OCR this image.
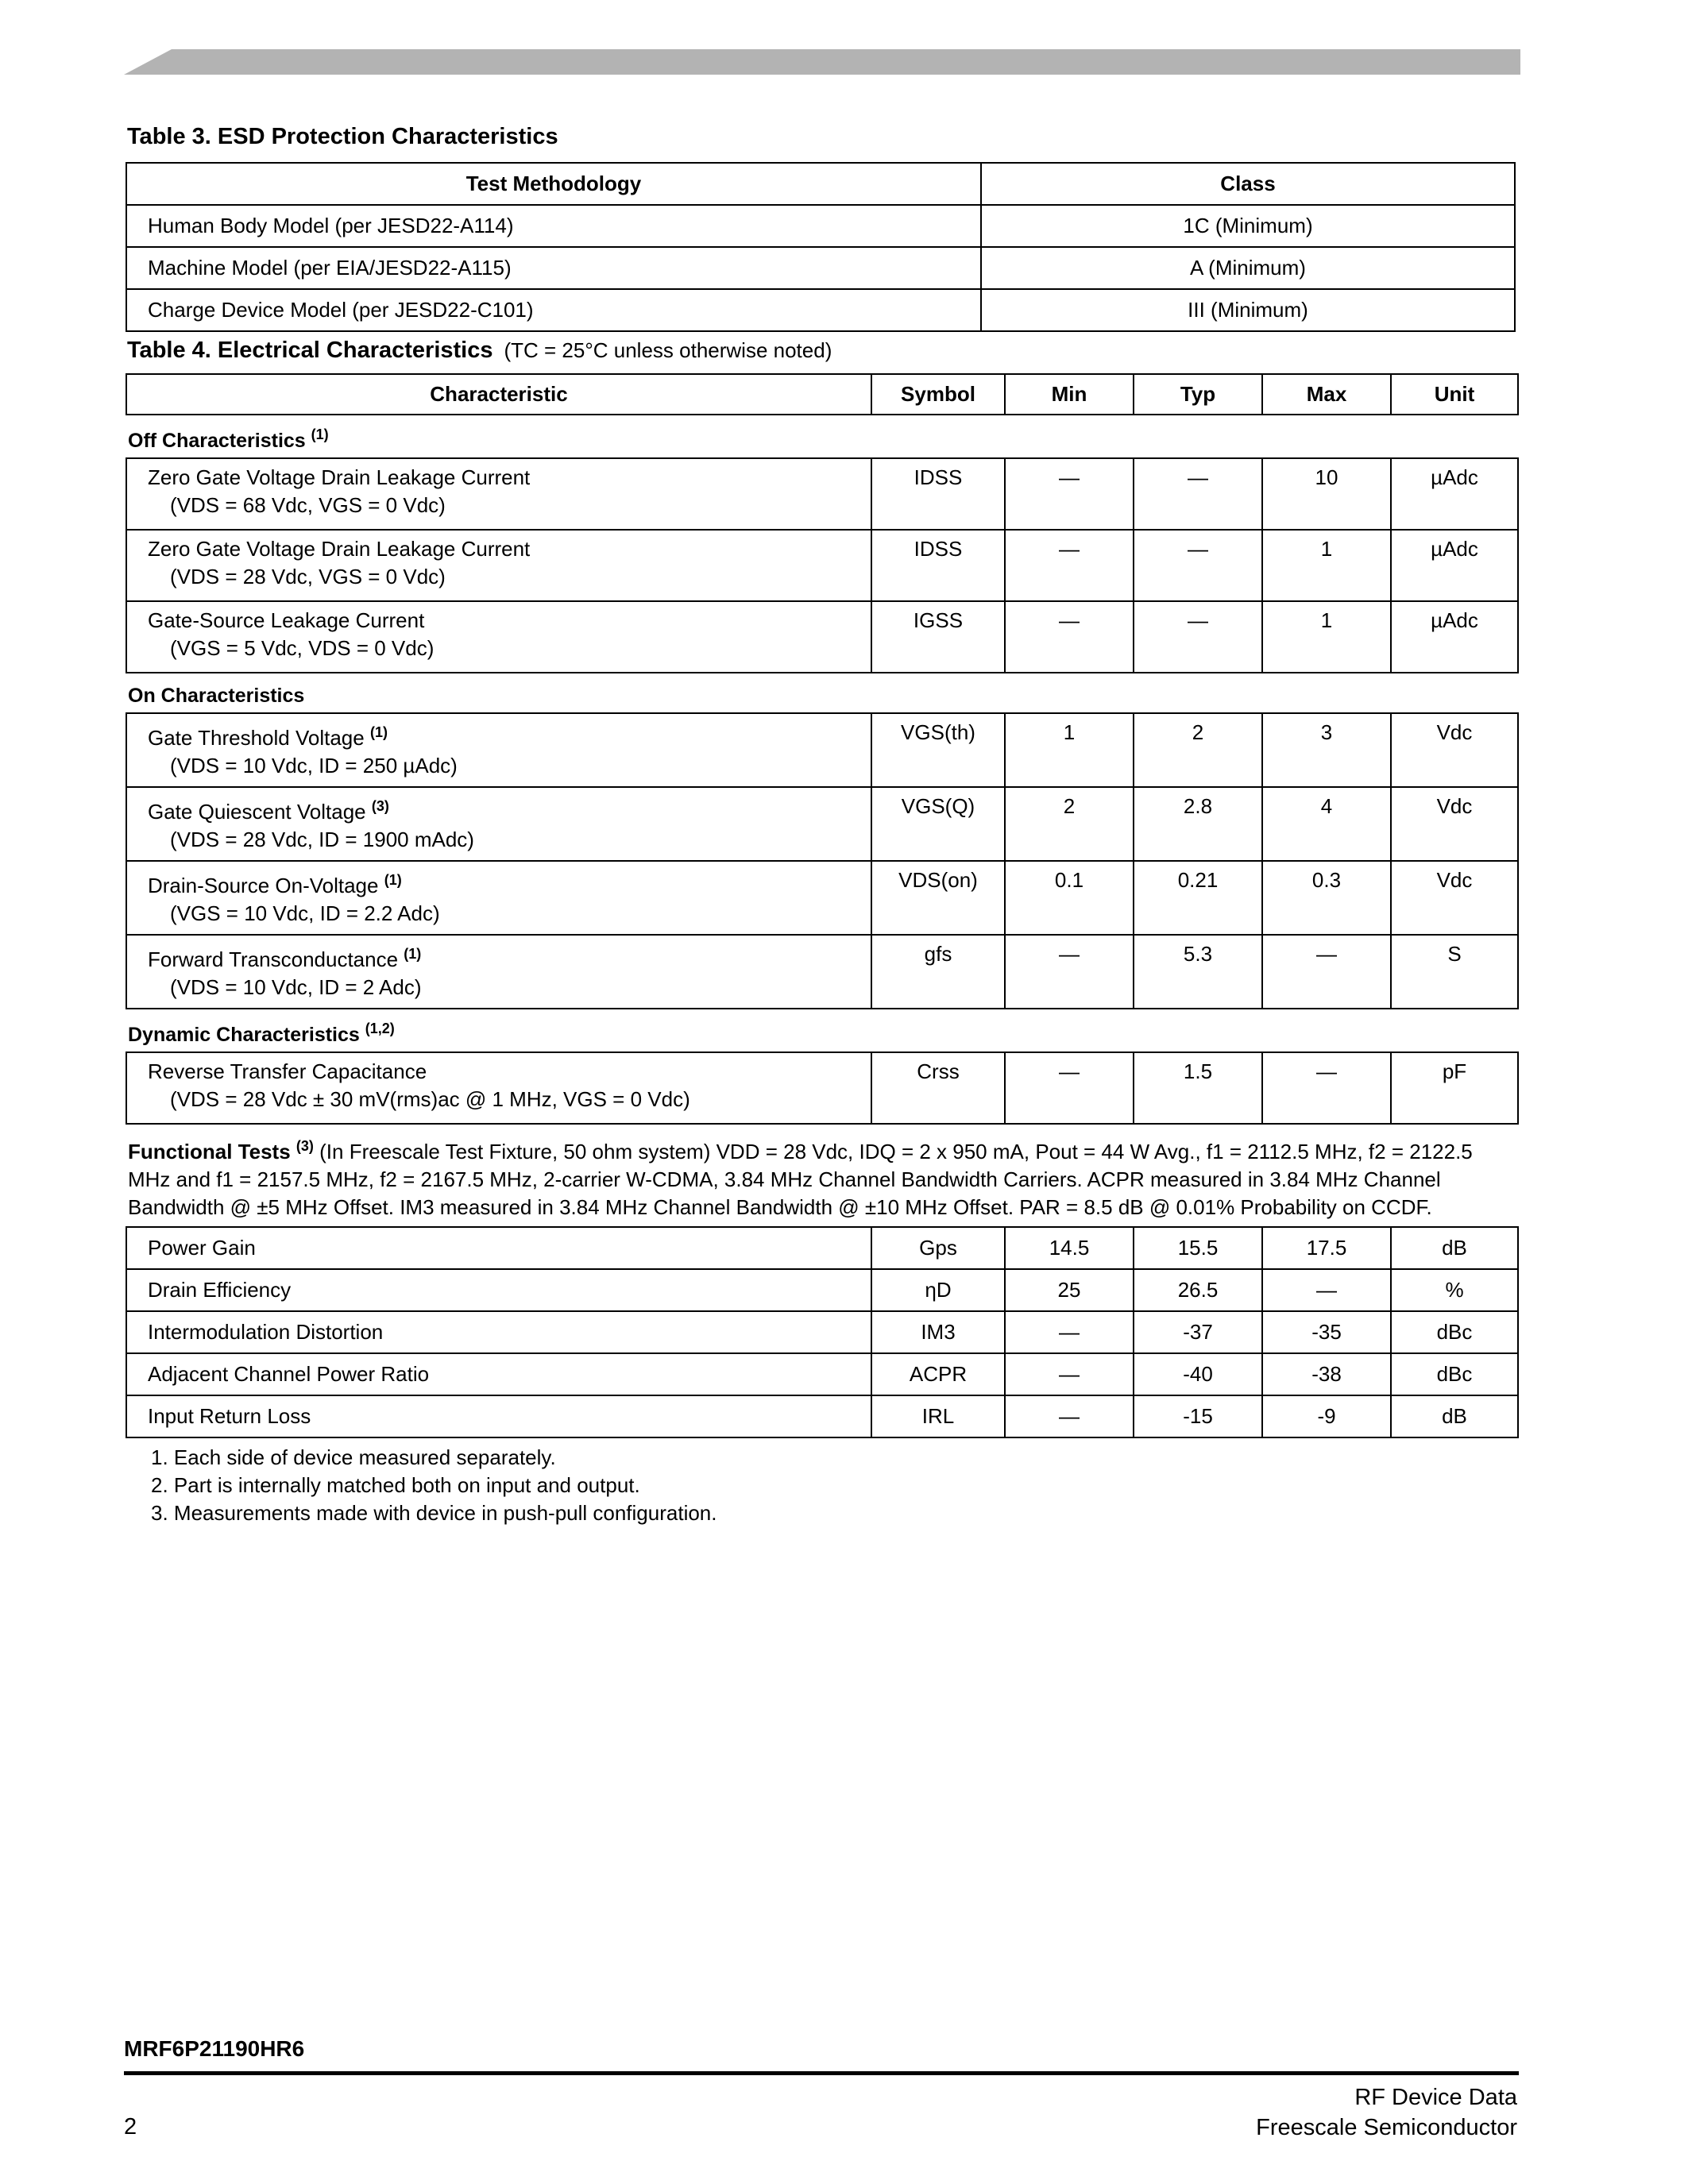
Table 3. ESD Protection Characteristics
Test Methodology	Class
Human Body Model (per JESD22-A114)	1C (Minimum)
Machine Model (per EIA/JESD22-A115)	A (Minimum)
Charge Device Model (per JESD22-C101)	III (Minimum)
Table 4. Electrical Characteristics (TC = 25°C unless otherwise noted)
Characteristic	Symbol	Min	Typ	Max	Unit
Off Characteristics $^{(1)}$
Zero Gate Voltage Drain Leakage Current
(VDS = 68 Vdc, VGS = 0 Vdc)	IDSS	—	—	10	µAdc
Zero Gate Voltage Drain Leakage Current
(VDS = 28 Vdc, VGS = 0 Vdc)	IDSS	—	—	1	µAdc
Gate-Source Leakage Current
(VGS = 5 Vdc, VDS = 0 Vdc)	IGSS	—	—	1	µAdc
On Characteristics					
Gate Threshold Voltage $^{(1)}$
(VDS = 10 Vdc, ID = 250 µAdc)	VGS(th)	1	2	3	Vdc
Gate Quiescent Voltage $^{(3)}$
(VDS = 28 Vdc, ID = 1900 mAdc)	VGS(Q)	2	2.8	4	Vdc
Drain-Source On-Voltage $^{(1)}$
(VGS = 10 Vdc, ID = 2.2 Adc)	VDS(on)	0.1	0.21	0.3	Vdc
Forward Transconductance $^{(1)}$
(VDS = 10 Vdc, ID = 2 Adc)	gfs	—	5.3	—	S
Dynamic Characteristics $^{(1,2)}$
Reverse Transfer Capacitance
(VDS = 28 Vdc ± 30 mV(rms)ac @ 1 MHz, VGS = 0 Vdc)	Crss	—	1.5	—	pF
Functional Tests $^{(3)}$ (In Freescale Test Fixture, 50 ohm system) VDD = 28 Vdc, IDQ = 2 x 950 mA, Pout = 44 W Avg., f1 = 2112.5 MHz, f2 = 2122.5 MHz and f1 = 2157.5 MHz, f2 = 2167.5 MHz, 2-carrier W-CDMA, 3.84 MHz Channel Bandwidth Carriers. ACPR measured in 3.84 MHz Channel Bandwidth @ ±5 MHz Offset. IM3 measured in 3.84 MHz Channel Bandwidth @ ±10 MHz Offset. PAR = 8.5 dB @ 0.01% Probability on CCDF.					
Power Gain	Gps	14.5	15.5	17.5	dB
Drain Efficiency	ηD	25	26.5	—	%
Intermodulation Distortion	IM3	—	-37	-35	dBc
Adjacent Channel Power Ratio	ACPR	—	-40	-38	dBc
Input Return Loss	IRL	—	-15	-9	dB
1. Each side of device measured separately.
2. Part is internally matched both on input and output.
3. Measurements made with device in push-pull configuration.
MRF6P21190HR6
RF Device Data
Freescale Semiconductor
2
